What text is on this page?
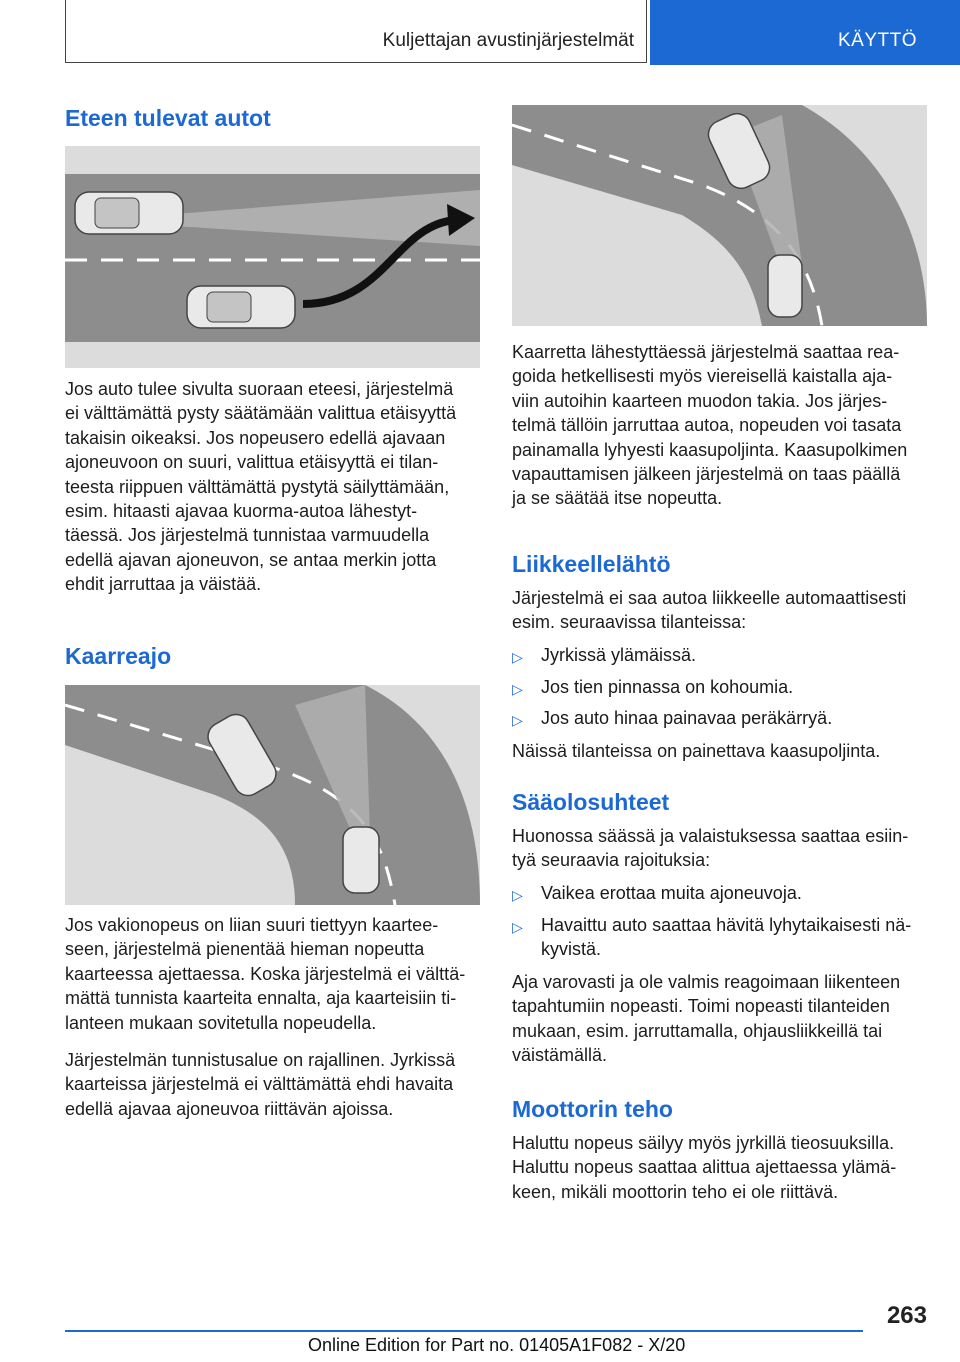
Kuljettajan avustinjärjestelmät	KÄYTTÖ
Eteen tulevat autot

Jos auto tulee sivulta suoraan eteesi, järjestelmä
ei välttämättä pysty säätämään valittua etäisyyttä
takaisin oikeaksi. Jos nopeusero edellä ajavaan
ajoneuvoon on suuri, valittua etäisyyttä ei tilan‐
teesta riippuen välttämättä pystytä säilyttämään,
esim. hitaasti ajavaa kuorma-autoa lähestyt‐
täessä. Jos järjestelmä tunnistaa varmuudella
edellä ajavan ajoneuvon, se antaa merkin jotta
ehdit jarruttaa ja väistää.

Kaarreajo

Jos vakionopeus on liian suuri tiettyyn kaartee‐
seen, järjestelmä pienentää hieman nopeutta
kaarteessa ajettaessa. Koska järjestelmä ei välttä‐
mättä tunnista kaarteita ennalta, aja kaarteisiin ti‐
lanteen mukaan sovitetulla nopeudella.

Järjestelmän tunnistusalue on rajallinen. Jyrkissä
kaarteissa järjestelmä ei välttämättä ehdi havaita
edellä ajavaa ajoneuvoa riittävän ajoissa.

Kaarretta lähestyttäessä järjestelmä saattaa rea‐
goida hetkellisesti myös viereisellä kaistalla aja‐
viin autoihin kaarteen muodon takia. Jos järjes‐
telmä tällöin jarruttaa autoa, nopeuden voi tasata
painamalla lyhyesti kaasupoljinta. Kaasupolkimen
vapauttamisen jälkeen järjestelmä on taas päällä
ja se säätää itse nopeutta.

Liikkeellelähtö

Järjestelmä ei saa autoa liikkeelle automaattisesti
esim. seuraavissa tilanteissa:

▷ Jyrkissä ylämäissä.
▷ Jos tien pinnassa on kohoumia.
▷ Jos auto hinaa painavaa peräkärryä.

Näissä tilanteissa on painettava kaasupoljinta.

Sääolosuhteet

Huonossa säässä ja valaistuksessa saattaa esiin‐
tyä seuraavia rajoituksia:

▷ Vaikea erottaa muita ajoneuvoja.
▷ Havaittu auto saattaa hävitä lyhytaikaisesti nä‐
kyvistä.

Aja varovasti ja ole valmis reagoimaan liikenteen
tapahtumiin nopeasti. Toimi nopeasti tilanteiden
mukaan, esim. jarruttamalla, ohjausliikkeillä tai
väistämällä.

Moottorin teho

Haluttu nopeus säilyy myös jyrkillä tieosuuksilla.
Haluttu nopeus saattaa alittua ajettaessa ylämä‐
keen, mikäli moottorin teho ei ole riittävä.

263
Online Edition for Part no. 01405A1F082 - X/20
